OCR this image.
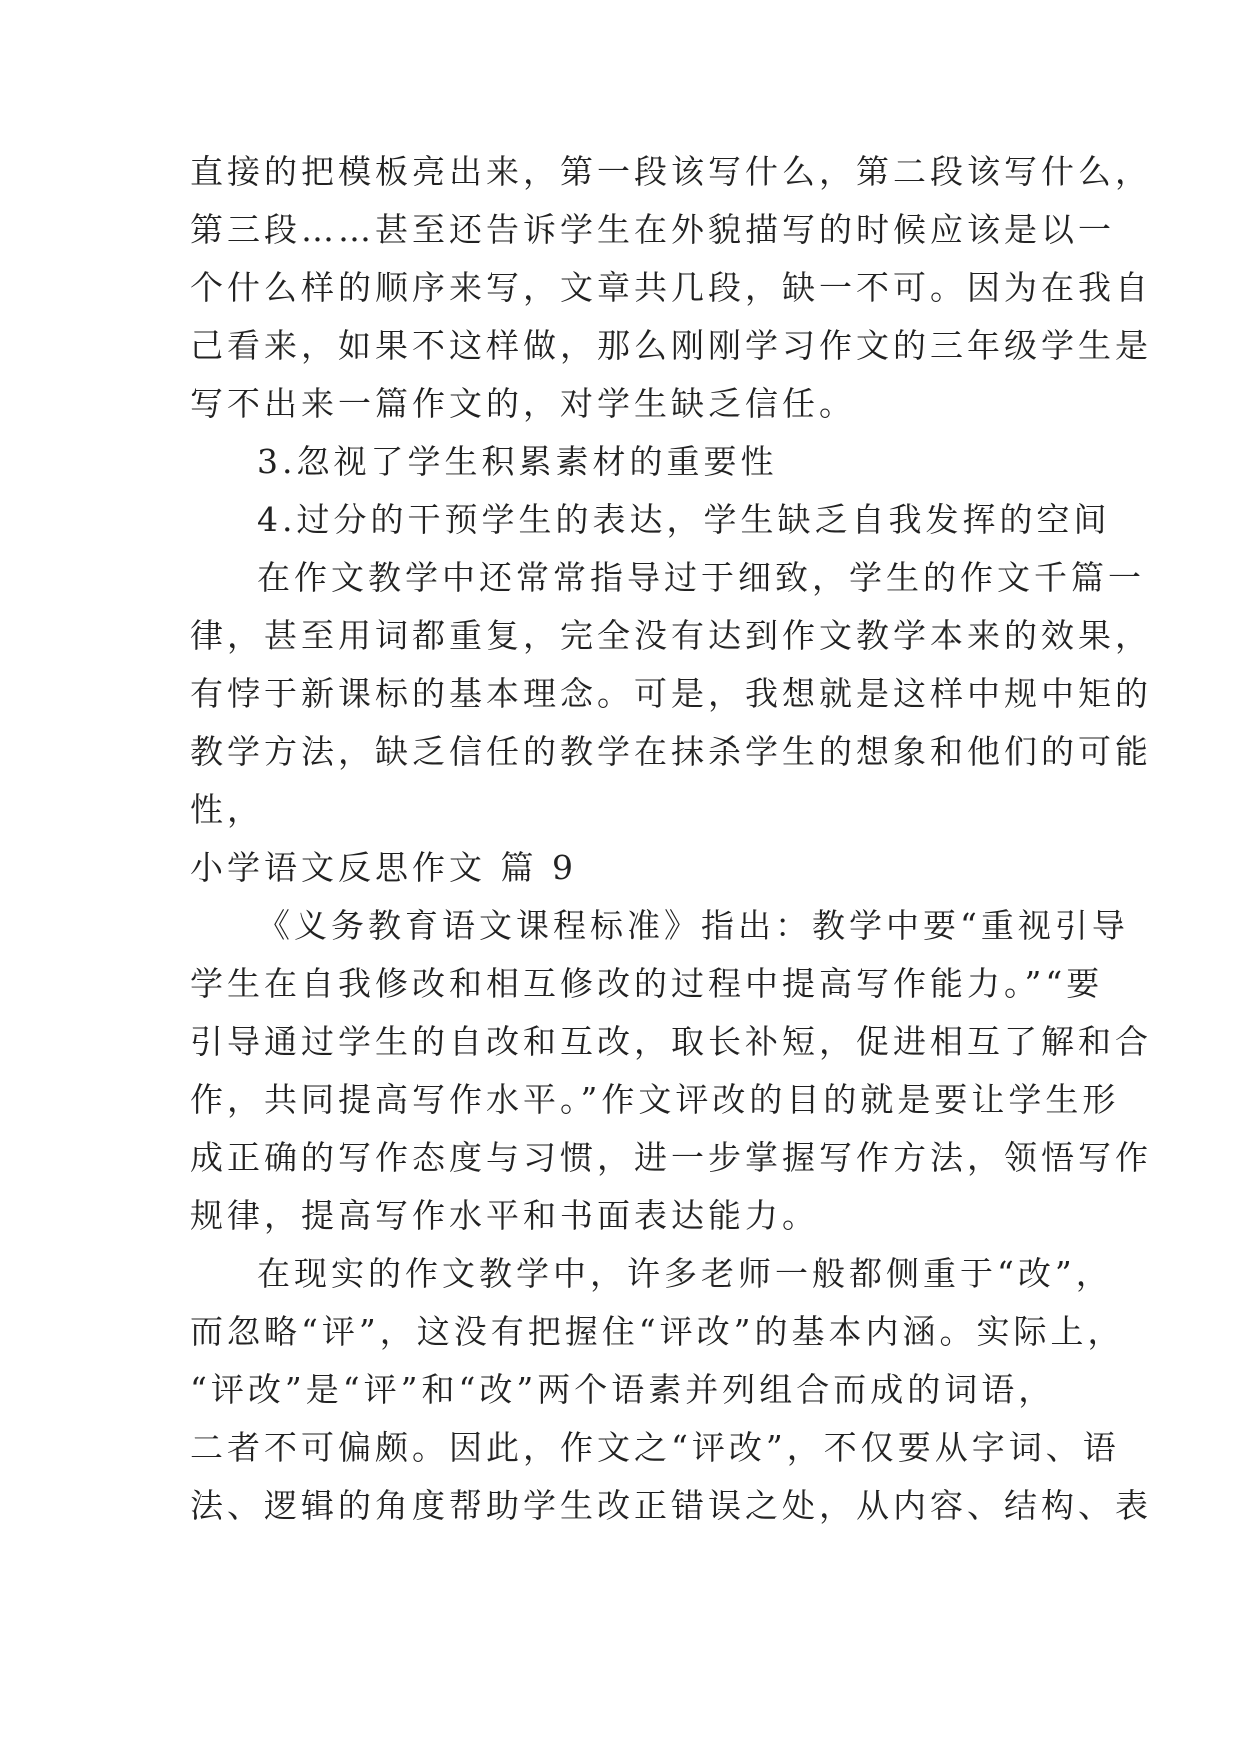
直接的把模板亮出来，第一段该写什么，第二段该写什么，
第三段……甚至还告诉学生在外貌描写的时候应该是以一
个什么样的顺序来写，文章共几段，缺一不可。因为在我自
己看来，如果不这样做，那么刚刚学习作文的三年级学生是
写不出来一篇作文的，对学生缺乏信任。
3.忽视了学生积累素材的重要性
4.过分的干预学生的表达，学生缺乏自我发挥的空间
在作文教学中还常常指导过于细致，学生的作文千篇一
律，甚至用词都重复，完全没有达到作文教学本来的效果，
有悖于新课标的基本理念。可是，我想就是这样中规中矩的
教学方法，缺乏信任的教学在抹杀学生的想象和他们的可能
性，
小学语文反思作文 篇 9
《义务教育语文课程标准》指出：教学中要“重视引导
学生在自我修改和相互修改的过程中提高写作能力。”“要
引导通过学生的自改和互改，取长补短，促进相互了解和合
作，共同提高写作水平。”作文评改的目的就是要让学生形
成正确的写作态度与习惯，进一步掌握写作方法，领悟写作
规律，提高写作水平和书面表达能力。
在现实的作文教学中，许多老师一般都侧重于“改”，
而忽略“评”，这没有把握住“评改”的基本内涵。实际上，
“评改”是“评”和“改”两个语素并列组合而成的词语，
二者不可偏颇。因此，作文之“评改”，不仅要从字词、语
法、逻辑的角度帮助学生改正错误之处，从内容、结构、表
